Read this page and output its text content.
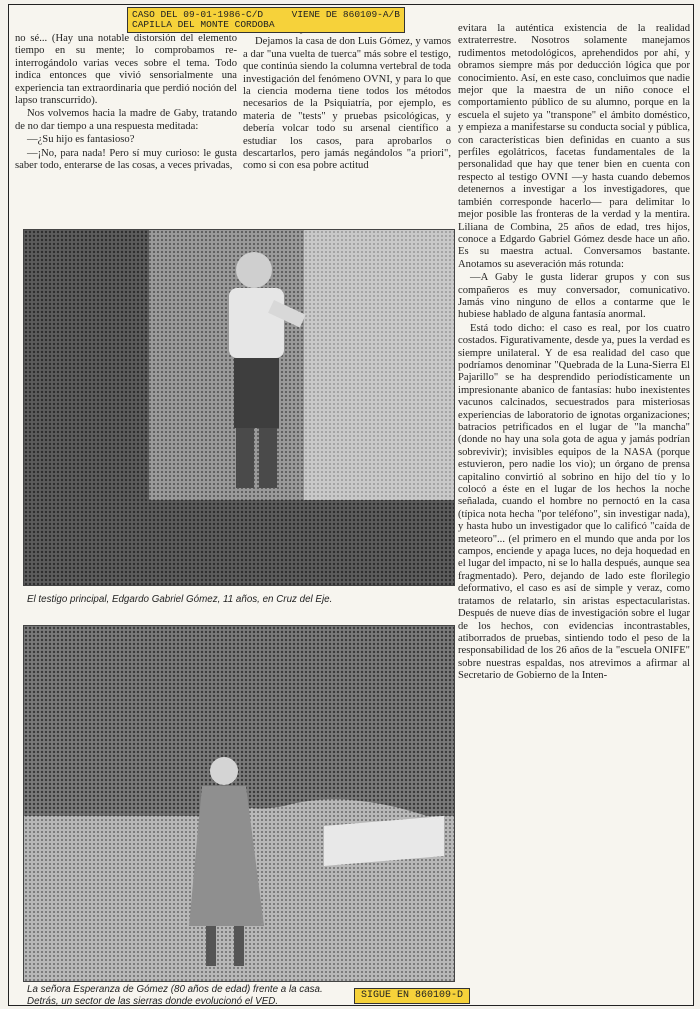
CASO DEL 09-01-1986-C/D     VIENE DE 860109-A/B
CAPILLA DEL MONTE CORDOBA

no sé... (Hay una notable distorsión del elemento tiempo en su mente; lo comprobamos re-interrogándolo varias veces sobre el tema. Todo indica entonces que vivió sensorialmente una experiencia tan extraordinaria que perdió noción del lapso transcurrido).

Nos volvemos hacia la madre de Gaby, tratando de no dar tiempo a una respuesta meditada:

—¿Su hijo es fantasioso?

—¡No, para nada! Pero sí muy curioso: le gusta saber todo, enterarse de las cosas, a veces privadas,

Dejamos la casa de don Luis Gómez, y vamos a dar "una vuelta de tuerca" más sobre el testigo, que continúa siendo la columna vertebral de toda investigación del fenómeno OVNI, y para lo que la ciencia moderna tiene todos los métodos necesarios de la Psiquiatría, por ejemplo, es materia de "tests" y pruebas psicológicas, y debería volcar todo su arsenal científico a estudiar los casos, para aprobarlos o descartarlos, pero jamás negándolos "a priori", como si con esa pobre actitud

evitara la auténtica existencia de la realidad extraterrestre. Nosotros solamente manejamos rudimentos metodológicos, aprehendidos por ahí, y obramos siempre más por deducción lógica que por conocimiento. Así, en este caso, concluimos que nadie mejor que la maestra de un niño conoce el comportamiento público de su alumno, porque en la escuela el sujeto ya "transpone" el ámbito doméstico, y empieza a manifestarse su conducta social y pública, con características bien definidas en cuanto a sus perfiles egolátricos, facetas fundamentales de la personalidad que hay que tener bien en cuenta con respecto al testigo OVNI —y hasta cuando debemos detenernos a investigar a los investigadores, que también corresponde hacerlo— para delimitar lo mejor posible las fronteras de la verdad y la mentira. Liliana de Combina, 25 años de edad, tres hijos, conoce a Edgardo Gabriel Gómez desde hace un año. Es su maestra actual. Conversamos bastante. Anotamos su aseveración más rotunda:

—A Gaby le gusta liderar grupos y con sus compañeros es muy conversador, comunicativo. Jamás vino ninguno de ellos a contarme que le hubiese hablado de alguna fantasía anormal.

Está todo dicho: el caso es real, por los cuatro costados. Figurativamente, desde ya, pues la verdad es siempre unilateral. Y de esa realidad del caso que podríamos denominar "Quebrada de la Luna-Sierra El Pajarillo" se ha desprendido periodísticamente un impresionante abanico de fantasías: hubo inexistentes vacunos calcinados, secuestrados para misteriosas experiencias de laboratorio de ignotas organizaciones; batracios petrificados en el lugar de "la mancha" (donde no hay una sola gota de agua y jamás podrían sobrevivir); invisibles equipos de la NASA (porque estuvieron, pero nadie los vio); un órgano de prensa capitalino convirtió al sobrino en hijo del tío y lo colocó a éste en el lugar de los hechos la noche señalada, cuando el hombre no pernoctó en la casa (típica nota hecha "por teléfono", sin investigar nada), y hasta hubo un investigador que lo calificó "caída de meteoro"... (el primero en el mundo que anda por los campos, enciende y apaga luces, no deja hoquedad en el lugar del impacto, ni se lo halla después, aunque sea fragmentado). Pero, dejando de lado este florilegio deformativo, el caso es así de simple y veraz, como tratamos de relatarlo, sin aristas espectacularistas. Después de nueve días de investigación sobre el lugar de los hechos, con evidencias incontrastables, atiborrados de pruebas, sintiendo todo el peso de la responsabilidad de los 26 años de la "escuela ONIFE" sobre nuestras espaldas, nos atrevimos a afirmar al Secretario de Gobierno de la Inten-

El testigo principal, Edgardo Gabriel Gómez, 11 años, en Cruz del Eje.
La señora Esperanza de Gómez (80 años de edad) frente a la casa. Detrás, un sector de las sierras donde evolucionó el VED.
SIGUE EN 860109-D
